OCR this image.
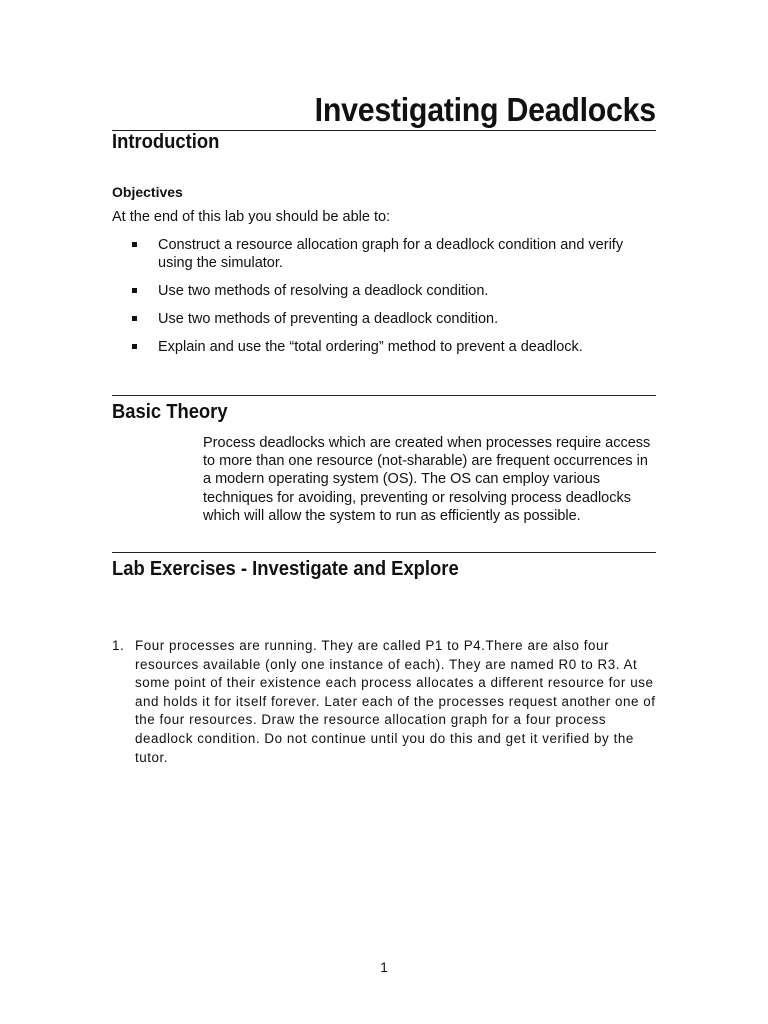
Investigating Deadlocks
Introduction
Objectives

At the end of this lab you should be able to:

Construct a resource allocation graph for a deadlock condition and verify using the simulator.
Use two methods of resolving a deadlock condition.
Use two methods of preventing a deadlock condition.
Explain and use the “total ordering” method to prevent a deadlock.
Basic Theory

Process deadlocks which are created when processes require access to more than one resource (not-sharable) are frequent occurrences in a modern operating system (OS). The OS can employ various techniques for avoiding, preventing or resolving process deadlocks which will allow the system to run as efficiently as possible.

Lab Exercises - Investigate and Explore
1. Four processes are running. They are called P1 to P4.There are also four resources available (only one instance of each). They are named R0 to R3. At some point of their existence each process allocates a different resource for use and holds it for itself forever. Later each of the processes request another one of the four resources. Draw the resource allocation graph for a four process deadlock condition. Do not continue until you do this and get it verified by the tutor.

1
